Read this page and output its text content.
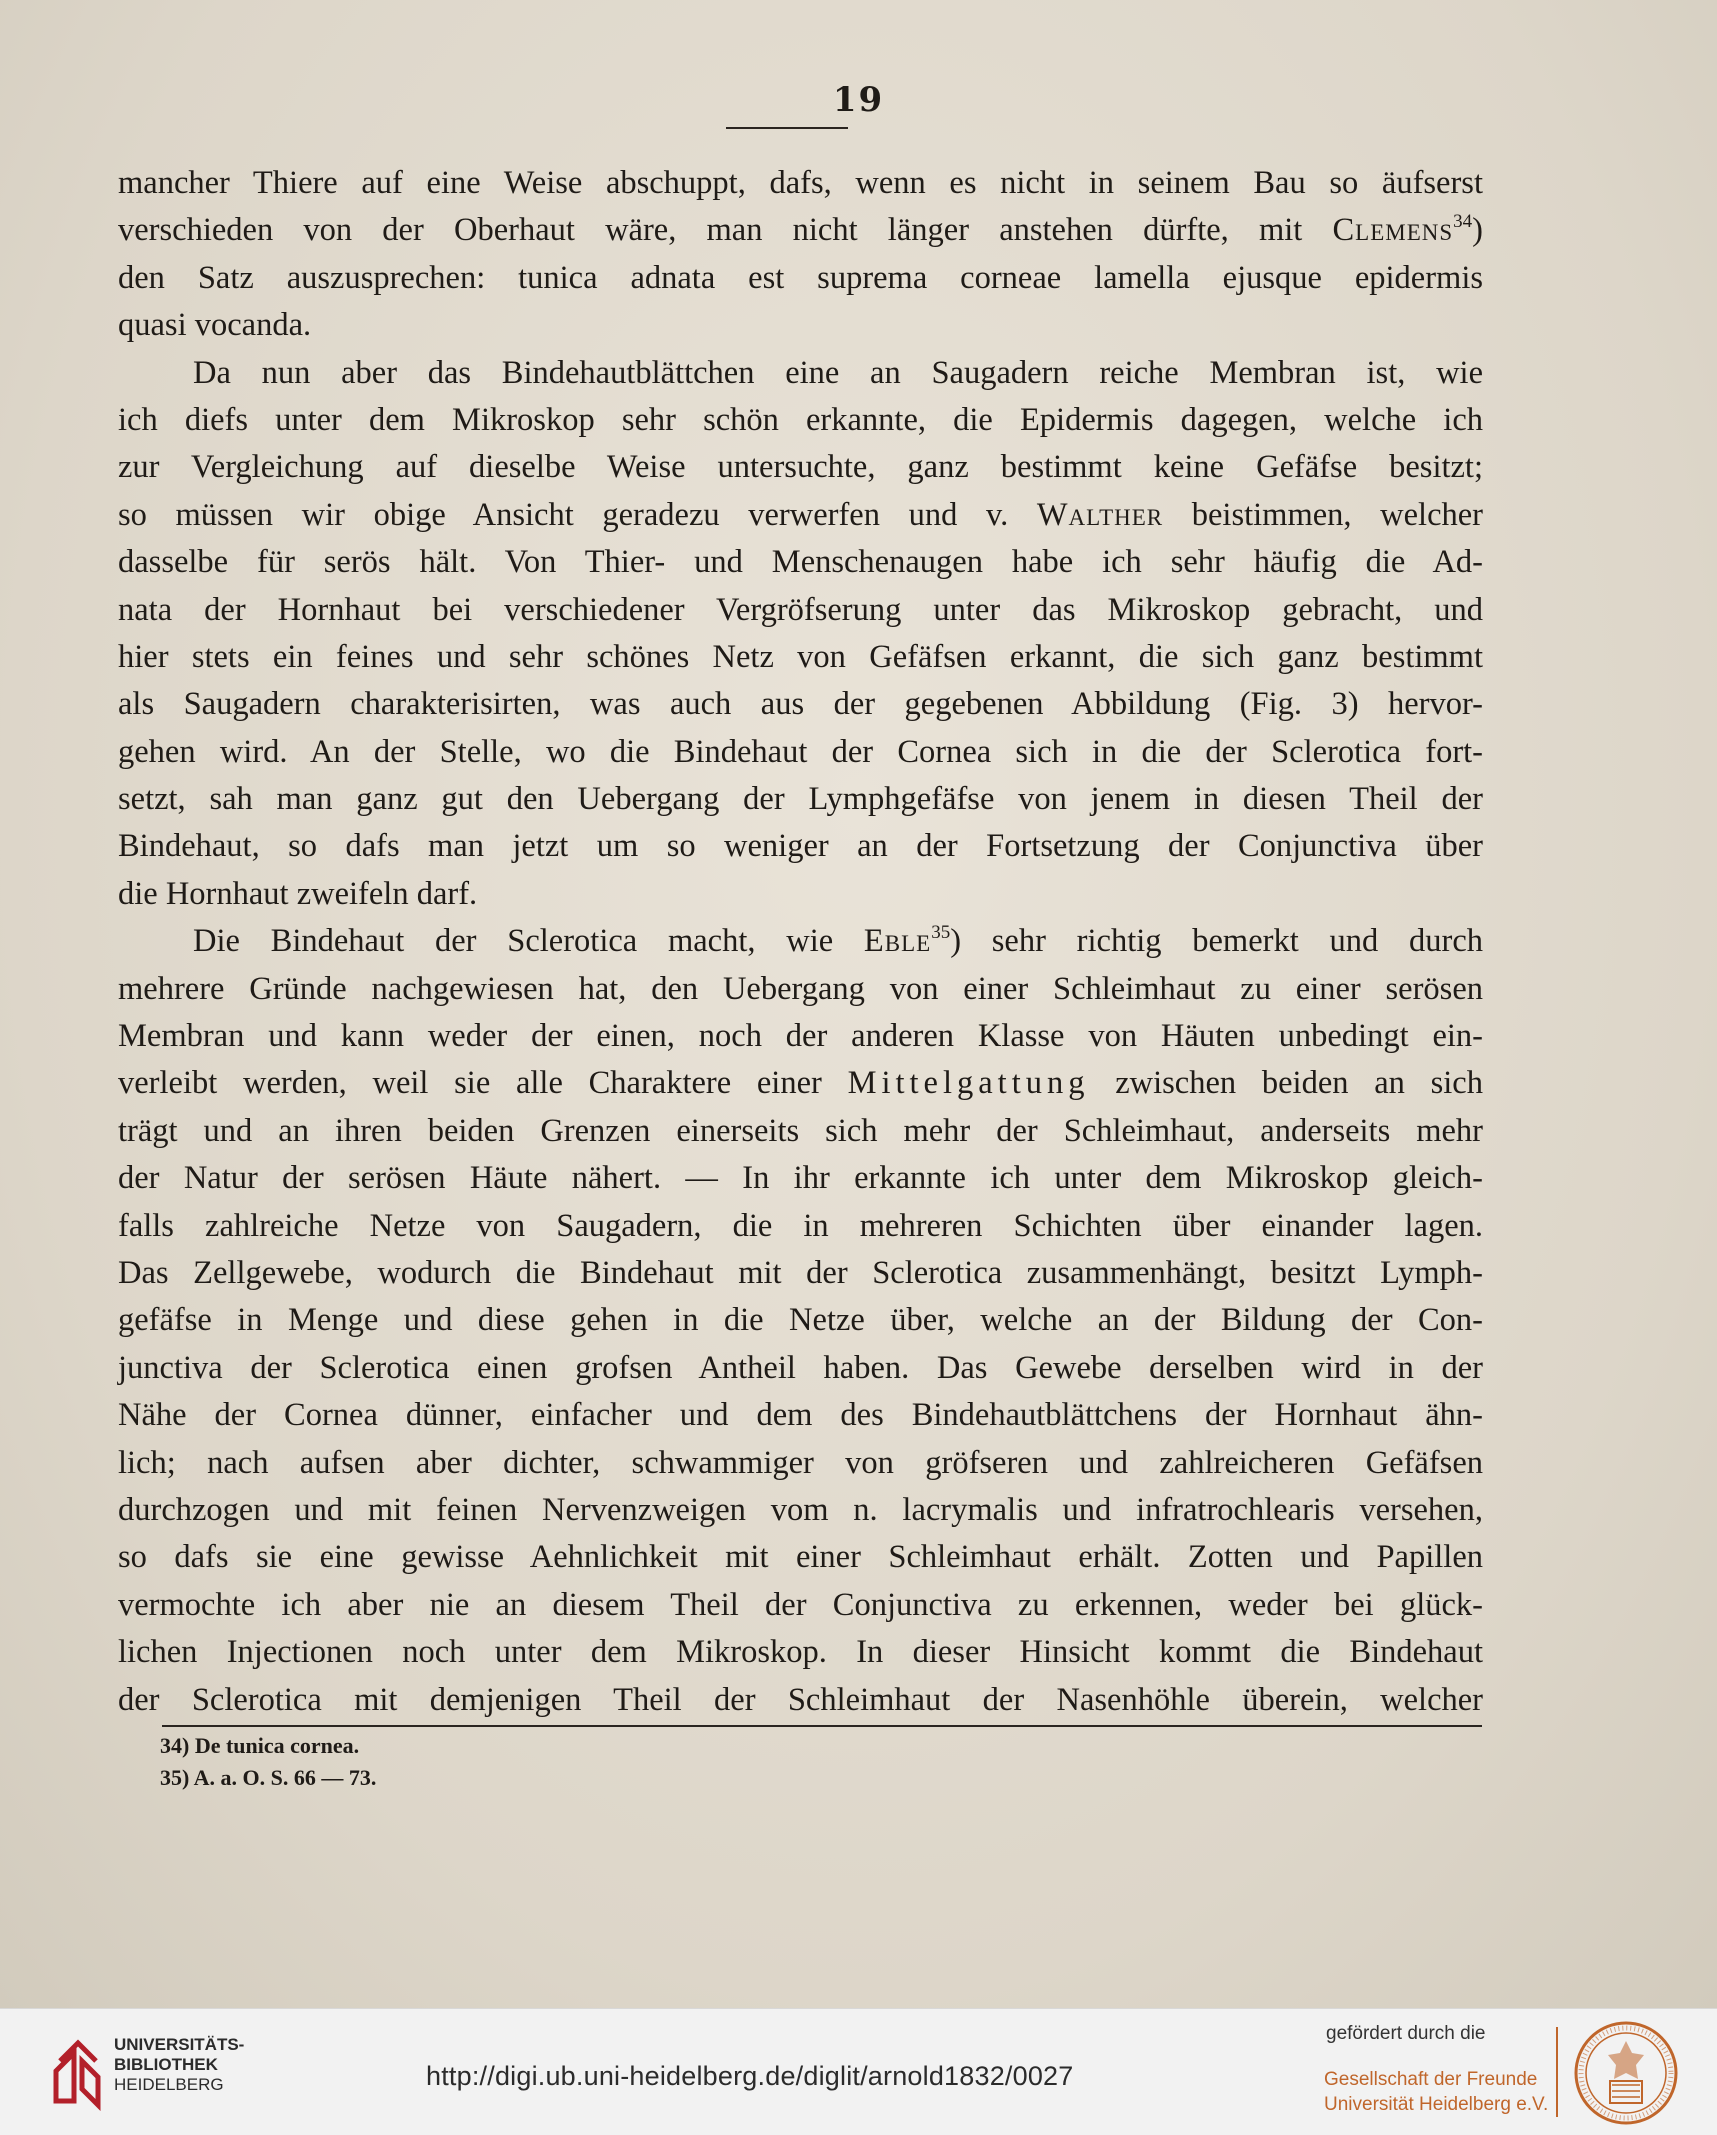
19
mancher Thiere auf eine Weise abschuppt, dafs, wenn es nicht in seinem Bau so äufserst
verschieden von der Oberhaut wäre, man nicht länger anstehen dürfte, mit Clemens$^{34}$)
den Satz auszusprechen: tunica adnata est suprema corneae lamella ejusque epidermis
quasi vocanda.
Da nun aber das Bindehautblättchen eine an Saugadern reiche Membran ist, wie
ich diefs unter dem Mikroskop sehr schön erkannte, die Epidermis dagegen, welche ich
zur Vergleichung auf dieselbe Weise untersuchte, ganz bestimmt keine Gefäfse besitzt;
so müssen wir obige Ansicht geradezu verwerfen und v. Walther beistimmen, welcher
dasselbe für serös hält. Von Thier- und Menschenaugen habe ich sehr häufig die Ad-
nata der Hornhaut bei verschiedener Vergröfserung unter das Mikroskop gebracht, und
hier stets ein feines und sehr schönes Netz von Gefäfsen erkannt, die sich ganz bestimmt
als Saugadern charakterisirten, was auch aus der gegebenen Abbildung (Fig. 3) hervor-
gehen wird. An der Stelle, wo die Bindehaut der Cornea sich in die der Sclerotica fort-
setzt, sah man ganz gut den Uebergang der Lymphgefäfse von jenem in diesen Theil der
Bindehaut, so dafs man jetzt um so weniger an der Fortsetzung der Conjunctiva über
die Hornhaut zweifeln darf.
Die Bindehaut der Sclerotica macht, wie Eble$^{35}$) sehr richtig bemerkt und durch
mehrere Gründe nachgewiesen hat, den Uebergang von einer Schleimhaut zu einer serösen
Membran und kann weder der einen, noch der anderen Klasse von Häuten unbedingt ein-
verleibt werden, weil sie alle Charaktere einer Mittelgattung zwischen beiden an sich
trägt und an ihren beiden Grenzen einerseits sich mehr der Schleimhaut, anderseits mehr
der Natur der serösen Häute nähert. — In ihr erkannte ich unter dem Mikroskop gleich-
falls zahlreiche Netze von Saugadern, die in mehreren Schichten über einander lagen.
Das Zellgewebe, wodurch die Bindehaut mit der Sclerotica zusammenhängt, besitzt Lymph-
gefäfse in Menge und diese gehen in die Netze über, welche an der Bildung der Con-
junctiva der Sclerotica einen grofsen Antheil haben. Das Gewebe derselben wird in der
Nähe der Cornea dünner, einfacher und dem des Bindehautblättchens der Hornhaut ähn-
lich; nach aufsen aber dichter, schwammiger von gröfseren und zahlreicheren Gefäfsen
durchzogen und mit feinen Nervenzweigen vom n. lacrymalis und infratrochlearis versehen,
so dafs sie eine gewisse Aehnlichkeit mit einer Schleimhaut erhält. Zotten und Papillen
vermochte ich aber nie an diesem Theil der Conjunctiva zu erkennen, weder bei glück-
lichen Injectionen noch unter dem Mikroskop. In dieser Hinsicht kommt die Bindehaut
der Sclerotica mit demjenigen Theil der Schleimhaut der Nasenhöhle überein, welcher
34) De tunica cornea.
35) A. a. O. S. 66 — 73.
UNIVERSITÄTS-
BIBLIOTHEK
HEIDELBERG	http://digi.ub.uni-heidelberg.de/diglit/arnold1832/0027
gefördert durch die
Gesellschaft der Freunde
Universität Heidelberg e.V.
